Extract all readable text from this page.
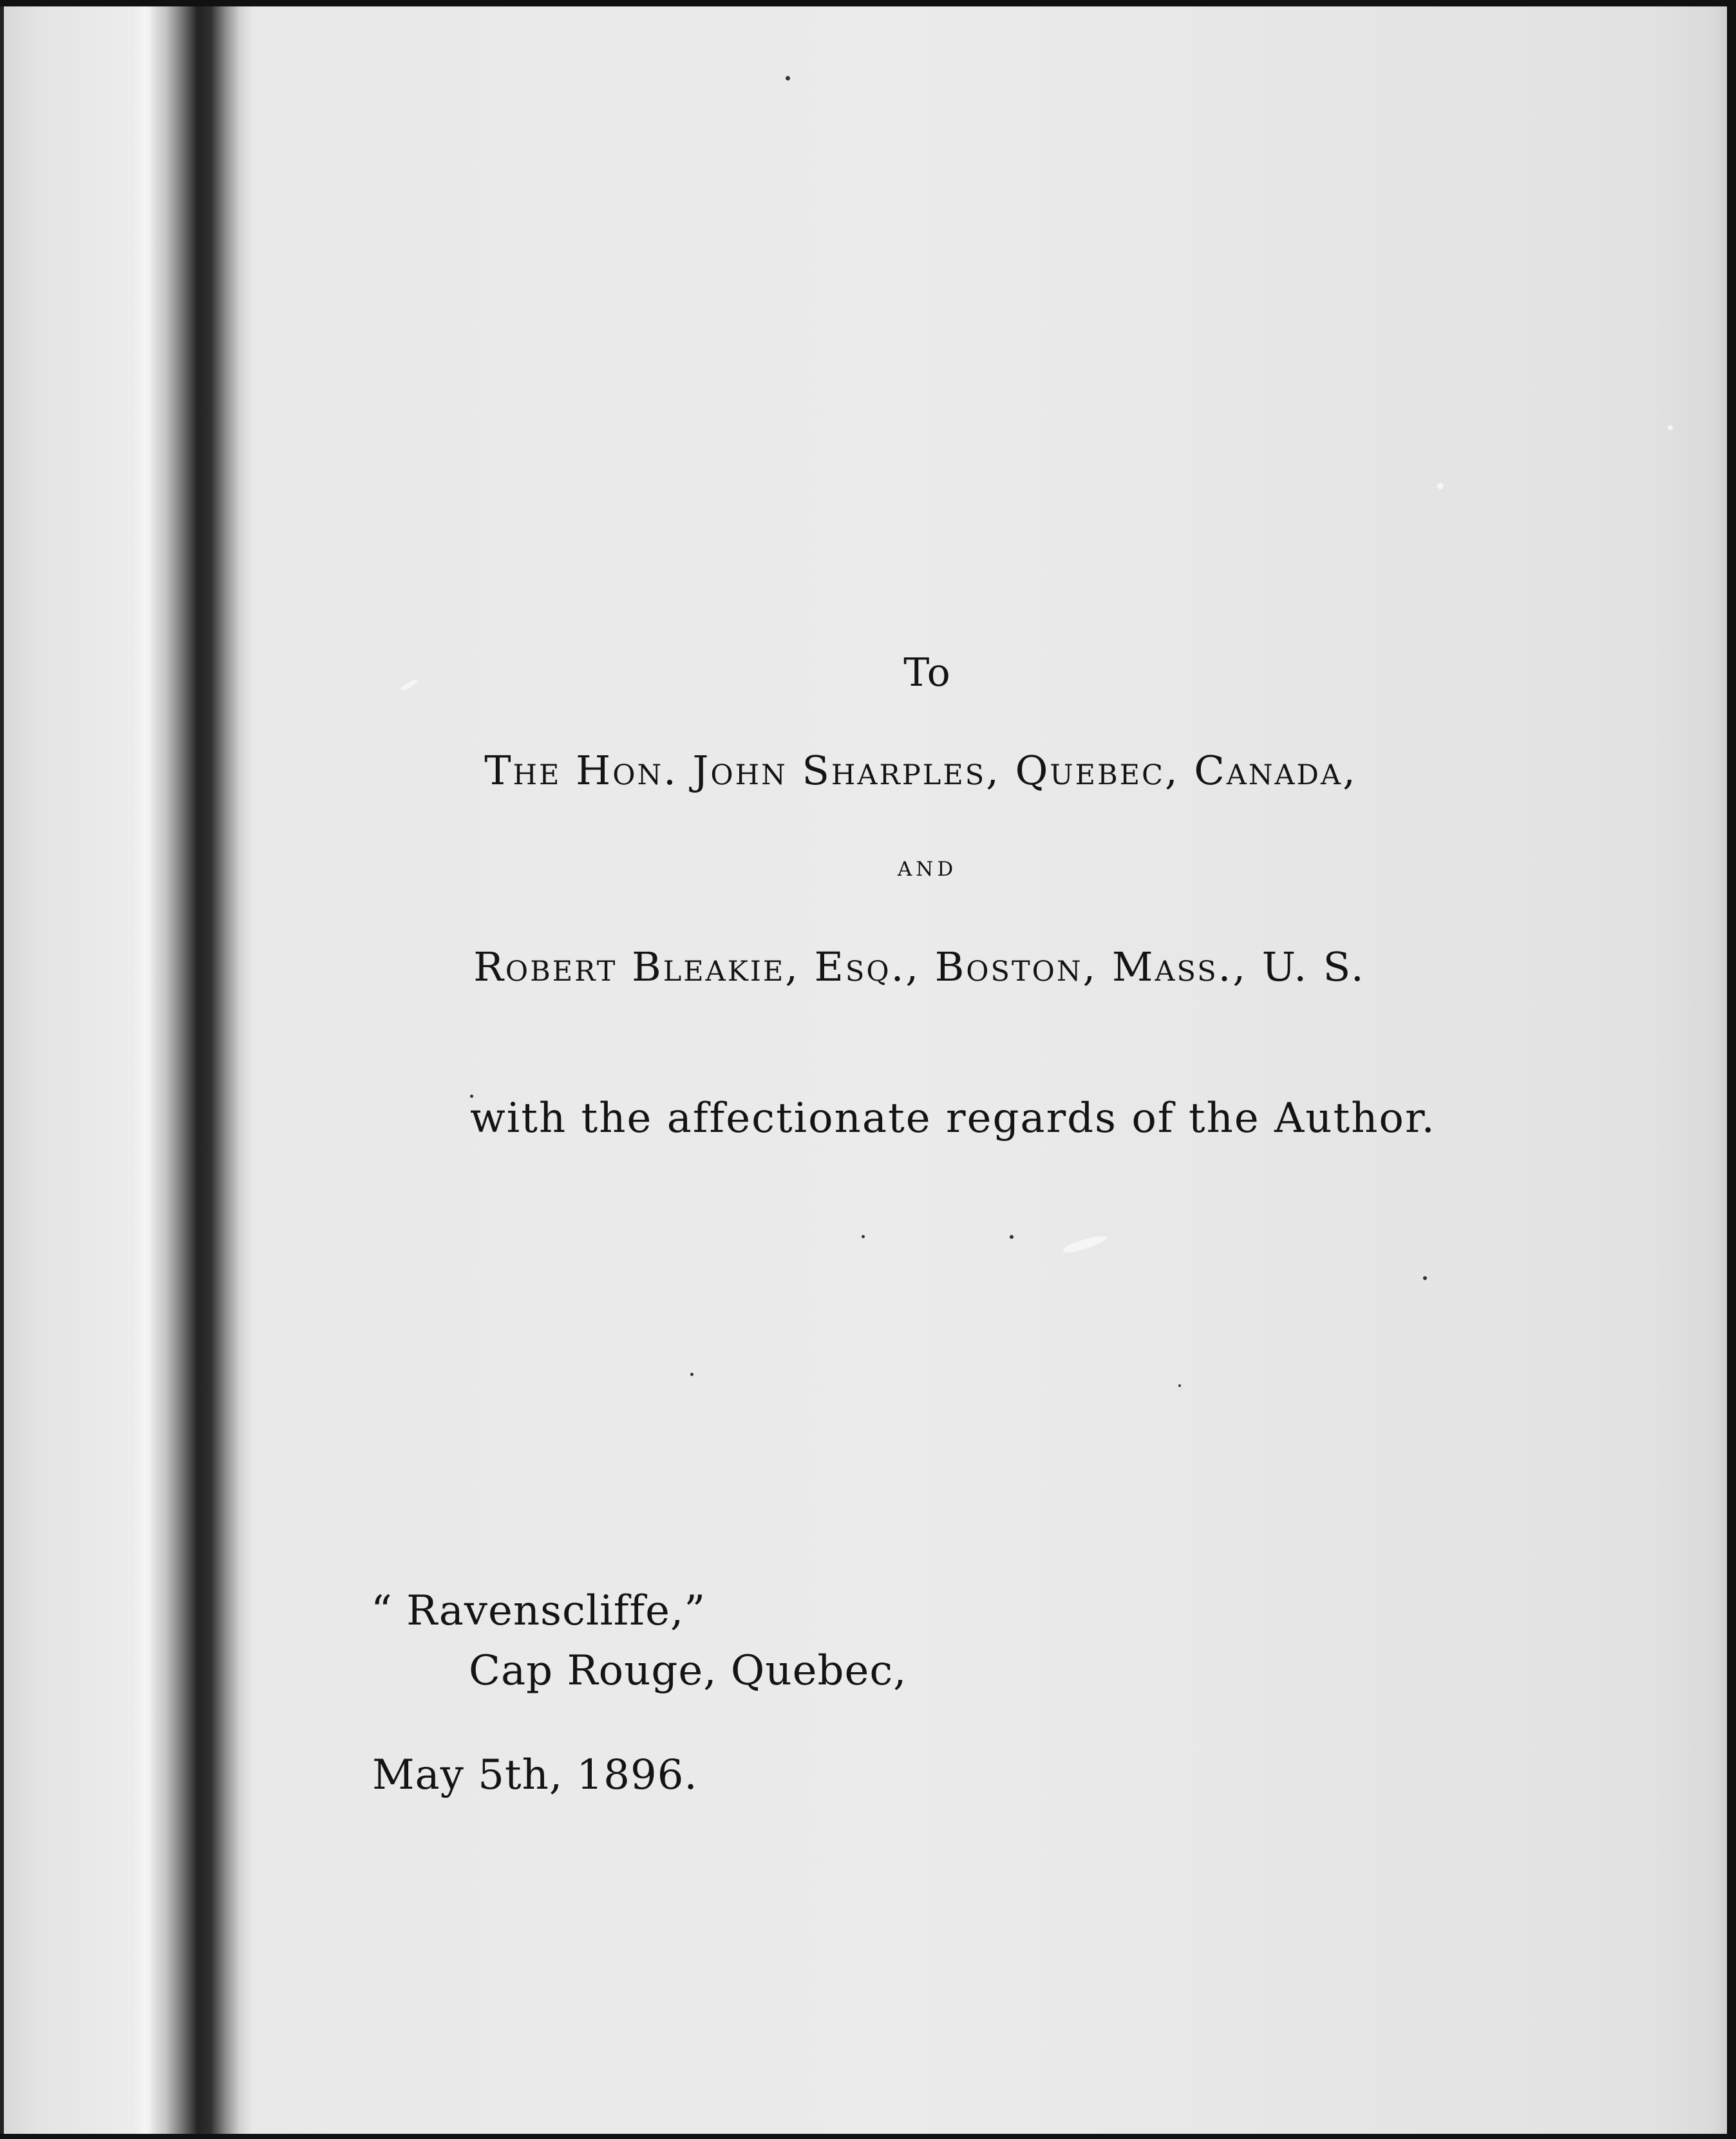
To
The Hon. John Sharples, Quebec, Canada,
and
Robert Bleakie, Esq., Boston, Mass., U. S.
with the affectionate regards of the Author.
“ Ravenscliffe,”
Cap Rouge, Quebec,
May 5th, 1896.
